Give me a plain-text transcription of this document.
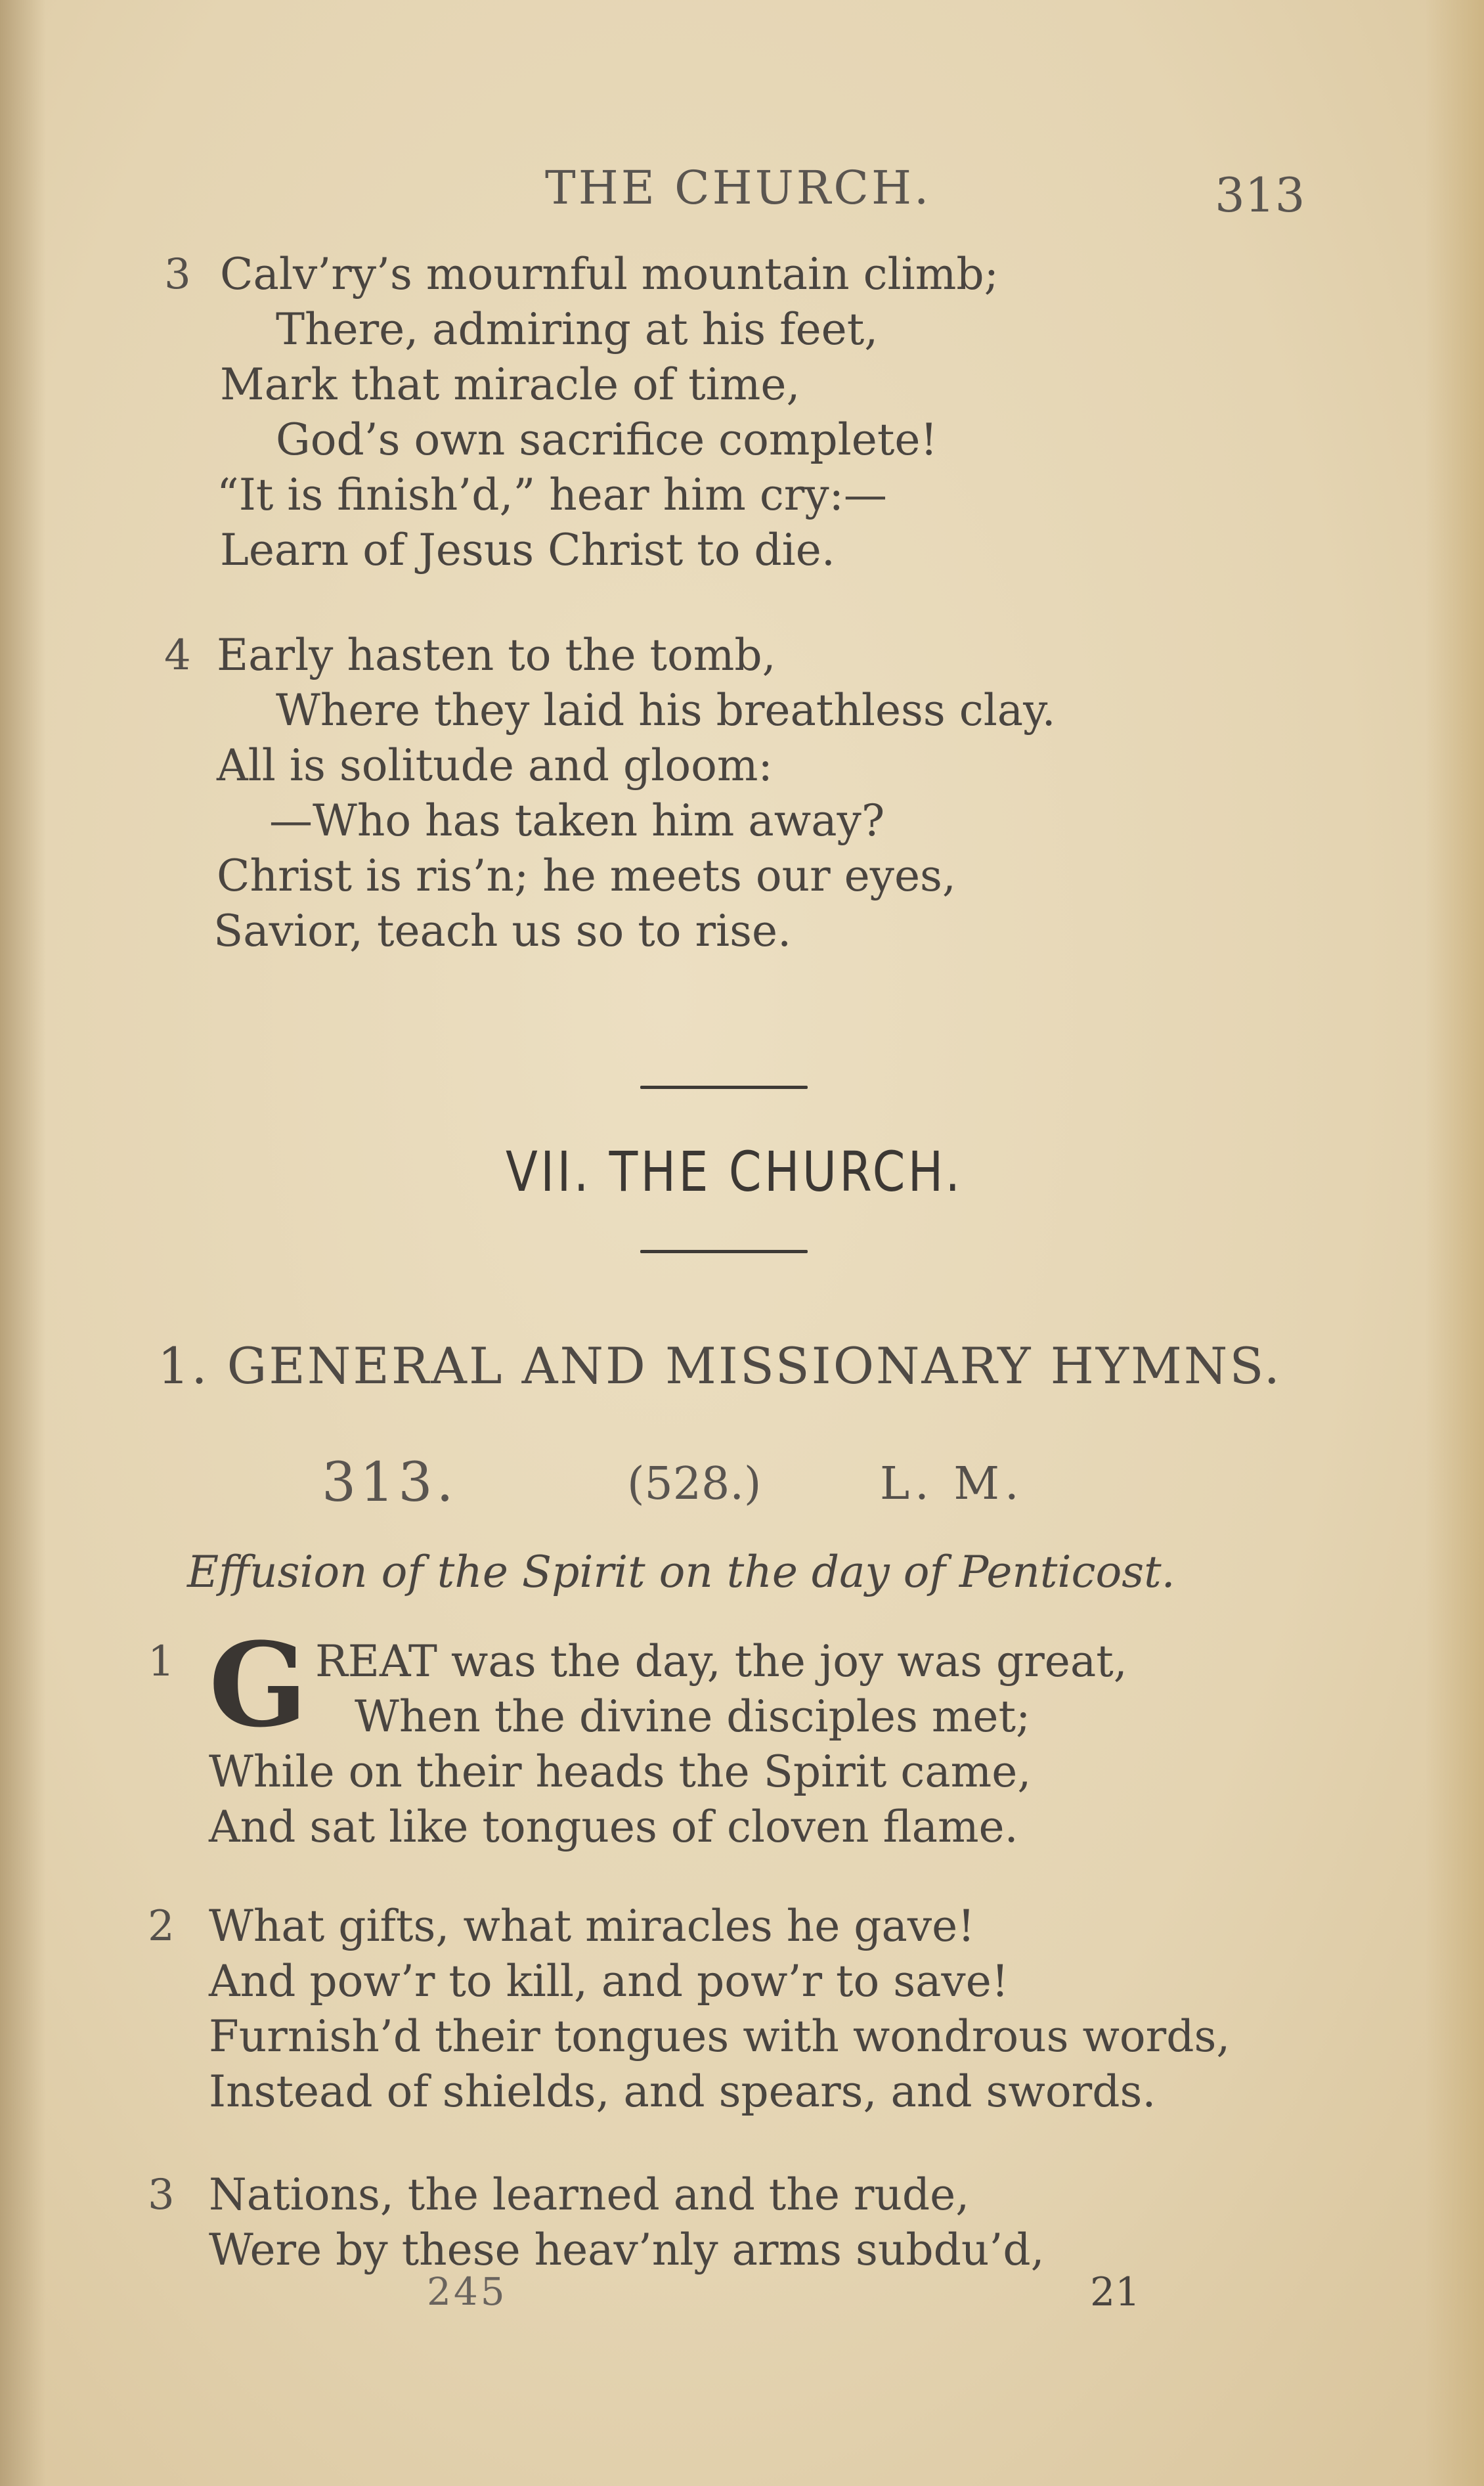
THE CHURCH.	313
3 Calv’ry’s mournful mountain climb;
There, admiring at his feet,
Mark that miracle of time,
God’s own sacrifice complete!
“It is finish’d,” hear him cry:—
Learn of Jesus Christ to die.
4 Early hasten to the tomb,
Where they laid his breathless clay.
All is solitude and gloom:
—Who has taken him away?
Christ is ris’n; he meets our eyes,
Savior, teach us so to rise.
VII. THE CHURCH.
1. GENERAL AND MISSIONARY HYMNS.
313.	(528.)	L. M.
Effusion of the Spirit on the day of Penticost.
1 G REAT was the day, the joy was great,
When the divine disciples met;
While on their heads the Spirit came,
And sat like tongues of cloven flame.
2 What gifts, what miracles he gave!
And pow’r to kill, and pow’r to save!
Furnish’d their tongues with wondrous words,
Instead of shields, and spears, and swords.
3 Nations, the learned and the rude,
Were by these heav’nly arms subdu’d,
245	21
